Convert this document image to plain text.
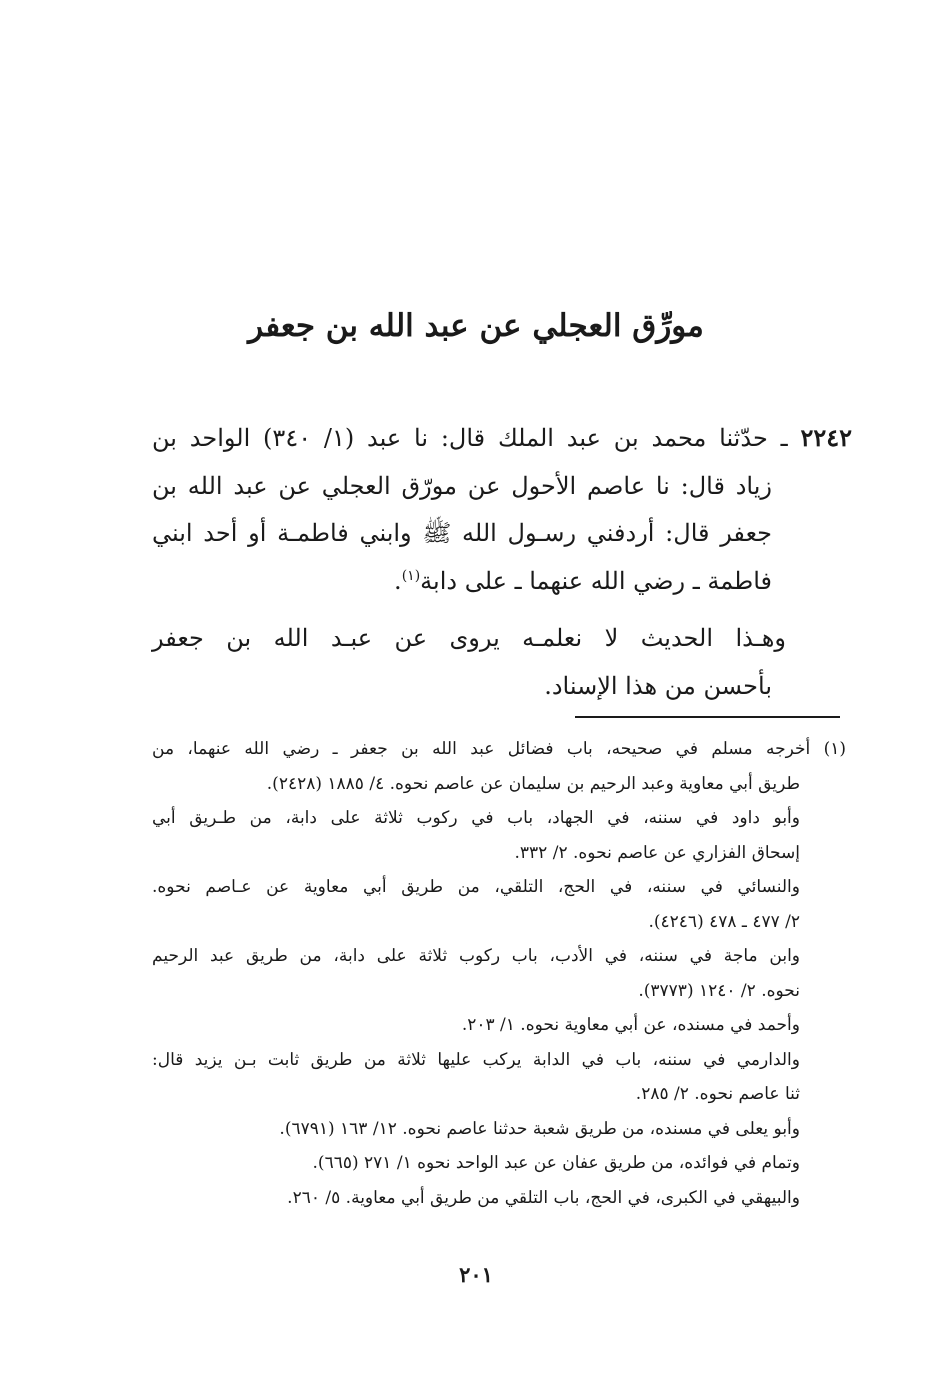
مورِّق العجلي عن عبد الله بن جعفر
٢٢٤٢ ـ حدّثنا محمد بن عبد الملك قال: نا عبد (١/ ٣٤٠) الواحد بن
زياد قال: نا عاصم الأحول عن مورّق العجلي عن عبد الله بن
جعفر قال: أردفني رسـول الله ﷺ وابني فاطمـة أو أحد ابني
فاطمة ـ رضي الله عنهما ـ على دابة$^{(١)}$.
وهـذا الحديث لا نعلمـه يروى عن عبـد الله بن جعفر
بأحسن من هذا الإسناد.
(١) أخرجه مسلم في صحيحه، باب فضائل عبد الله بن جعفر ـ رضي الله عنهما، من
طريق أبي معاوية وعبد الرحيم بن سليمان عن عاصم نحوه. ٤/ ١٨٨٥ (٢٤٢٨).
وأبو داود في سننه، في الجهاد، باب في ركوب ثلاثة على دابة، من طـريق أبي
إسحاق الفزاري عن عاصم نحوه. ٢/ ٣٣٢.
والنسائي في سننه، في الحج، التلقي، من طريق أبي معاوية عن عـاصم نحوه.
٢/ ٤٧٧ ـ ٤٧٨ (٤٢٤٦).
وابن ماجة في سننه، في الأدب، باب ركوب ثلاثة على دابة، من طريق عبد الرحيم
نحوه. ٢/ ١٢٤٠ (٣٧٧٣).
وأحمد في مسنده، عن أبي معاوية نحوه. ١/ ٢٠٣.
والدارمي في سننه، باب في الدابة يركب عليها ثلاثة من طريق ثابت بـن يزيد قال:
ثنا عاصم نحوه. ٢/ ٢٨٥.
وأبو يعلى في مسنده، من طريق شعبة حدثنا عاصم نحوه. ١٢/ ١٦٣ (٦٧٩١).
وتمام في فوائده، من طريق عفان عن عبد الواحد نحوه ١/ ٢٧١ (٦٦٥).
والبيهقي في الكبرى، في الحج، باب التلقي من طريق أبي معاوية. ٥/ ٢٦٠.
٢٠١
